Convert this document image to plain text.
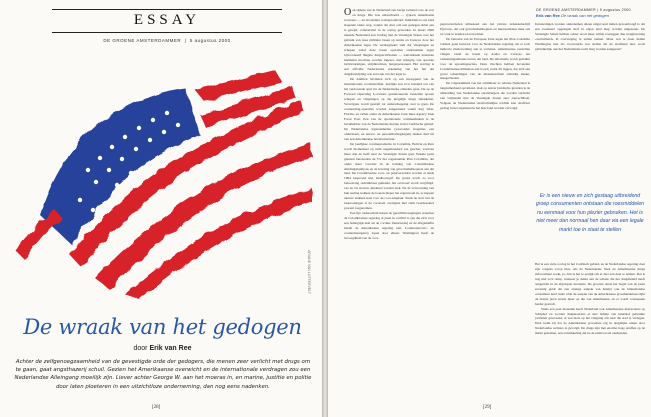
ESSAY
DE GROENE AMSTERDAMMER  |  5 augustus 2000
ARIANE VAN LUTTERVELT
De wraak van het gedogen
door Erik van Ree
Achter de zelfgenoegzaamheid van de gevestigde orde der gedogers, die menen zeer verlicht met drugs om te gaan, gaat angsthazerij schuil. Gezien het Amerikaanse overwicht en de internationale verdragen zou een Nederlandse Alleingang moeilijk zijn. Liever achter George W. aan het moeras in, en marine, justitie en politie door laten ploeteren in een uitzichtloze onderneming, dan nog eens nadenken.
[28]

Ook tijdens wie in Nederland een beetje lachend over de war on drugs. Die was onbeschaafd — typisch Amerikaans trouwens — en bovendien contraproductief. Inmiddels is ons land slapende onder weg, zonder dat daar ooit een gedegen debat aan is gewijd, comfortabel in de oorlog gewerden. In maart 2000 tekende Nederland een verdrag met de Verenigde Staten over het gebruik van twee militaire basen op Aruba en Curaçao door het Amerikaanse leger. De verdragstekst stelt dat vliegtuigen en schepen vanaf deze basen operaties ondernemen tegen bijvoorbeeld illegale drugsactiviteiten — aanvullende nationale middelen mochten worden ingezet, met inbegrip van speciale luchtvaartuigen, strijdkrachten, burgerpersoneel. Het verdrag is een officiële Nederlandse erkenning van het feit dat drugsbestrijding ook een taak van het leger is.

De Antillen bevinden zich op een knooppunt van de internationale cocaïnetrafiek. Jaarlijks zou zo'n honderd ton van het verdovende spul via de Nederlandse eilanden gaan. De op de Forward Operating Locations gestationeerde toestellen sporen schepen en vliegtuigen op die mogelijk drugs smokkelen. Vervolgens wordt gestraft tot onderschepping over te gaan. De counterdrug-operaties worden aangestuurd vanuit Key West, Florida, en vallen onder de Amerikaanse Joint Inter-Agency Task Force East. Een van de operationele commandanten is de bevelhebber van de Nederlandse marine in het Caribische gebied. De Nederlandse legereenheden (waaronder fregatten, een onderzeeër, en Awacs- en patrouillevliegtuigen) maken deel uit van een Amerikaanse bevelsstructuur.

De jaarlijkse cocaïneproductie in Colombia, Bolivia en Peru wordt momenteel op ruim negenhonderd ton geschat, waarvan meer dan de helft naar de Verenigde Staten gaat. Enkele jaren geleden lanceerden de VS het zogenaamde Plan Colombia, dat onder meer voorziet in de training van Colombiaanse antidrugsbataljons en de levering van gevechtshelikopters aan dat land. De Colombiaanse coca- en papaverveiden worden al sinds 1994 besproeid met landbouwgif. De grond wordt zo voor behoorlang onbruikbaar gemaakt, het oerwoud wordt vergiftigd, vee en vis sterven, kinderen worden ziek. Na de verwoesting van hun teeling trekken de boeren dieper het regenwoud in, er kappen nieuwe stukken kaal voor de coca-aanplant. Sinds de start van de besproeiingen is de cocateelt overigens met ruim tweehonderd procent toegenomen.

Een fijn onderscheid tussen de guerrillabewegingen waarmee de Colombiaanse regering al jaren in conflict is (en die zich voor een belangrijk deel uit de cocaïne financieren) en de drugsmaffia maakt de Amerikaanse regering niet. Counternarcotic- en counterinsurgency lopen door elkaar. Washington heeft de bevoegdheid van de coca-

papaververleden uitbesteed aan het private defensiebedrijf Dyncorp, dat ook gevechtshelikopters en huurssoldaten inzet om tot vuur te zenden en terroristen.

De betreurn van de Europese Unie tegen het Plan Colombia vormen geen bezwaar voor de Nederlandse regering om er toch indirecte medewerking aan te verlenen. Amerikaanse toestellen vliegen vanaf de basen op Aruba en Curaçao ten verkenningsmissies boven dat land. De informatie wordt gebruikt voor de sproeiingsacties. Deze vluchten hebben hovenden Colombiaanse militairen aan boord, zodat dit liggen, dat zich aan grove schendingen van de mensenrechten schuldig maakt, meegevlieden.

De volgzaamheid van het schimbaar zo rebelse Nederland is langzamerhand opvallend. Ook op zuiver juridische gronden is de uitbreiding van Nederlandse staatsburgers die worden verdacht van vrijhandel met de Verenigde Staten zeer aanvechtbaar. Volgens de Nederlandse strafrechtelijke traditie kan strafbaar gedrag in het algemeen in het hele land worden vervolgd.

DE GROENE AMSTERDAMMER | 5 augustus 2000
Erik van Ree De wraak van het gedogen

Investeringen worden ondernamen aileen uitgevoerd indien gewaarborgd is dat een eventueel opgelegde straf in eigen land mag worden uitgezeten. De Verenigde Staten hebben echter nooit meer willen toezeggen dan terugleverung «welwillend» in overweging te zullen nemen. Maar wat te doen indien Washington niet als voorwaarde zou stellen dat de strafmaat niet, zoals gebruikelijk, aan het Nederlandse recht mag worden aangepast?

Er is een nieuw en zich gestaag uitbreidend groep consumenten ontstaan die roesmiddelen nu eenmaal voor hun plezier gebruiken. Het is niet meer dan normaal hen daar via een legale markt toe in staat te stellen

Het is een vuile oorlog in het Caribisch gebied, en de Nederlandse regering doet zijn volgens volop mee. Als de Nederlandse Staat de Amerikaanse drugs enforcement zoekt, ja, dan is het te eerlijk om er niet aan deel te nemen. Dat is nog niet zo'n ramp, wanneer je denkt aan de schade die het drugsbeleid heeft aangericht in de afgelopen decennia. De grootste sinds het begin van de jaren zeventig geldt dat een strenge aanpak van handel ook de binnenlandse consument hard raakt. Ook de aanpak van de Amerikaanse groothandelaars lijkt de laatste jaren steeds meer op die van Amerikanen, en er wordt consequent harder gestraft.

Sinds een paar maanden heeft Nederland ook Amerikaanse instructeurs op Schiphol en worden drugskoeriers er met behulp van intensief gebruikte profielen gescreend, al wat niets op het vliegtuig om naar die stad te verlegen. Daar komt bij dat de Amerikaanse procedure erg in dergelijke zaken door Nederlandse rechters is gevolgd. De drugs zijn met enorme hoge straffen op de markt gekomen, een ontwikkeling die na de uitstrooi zal aanhouden.

[29]
